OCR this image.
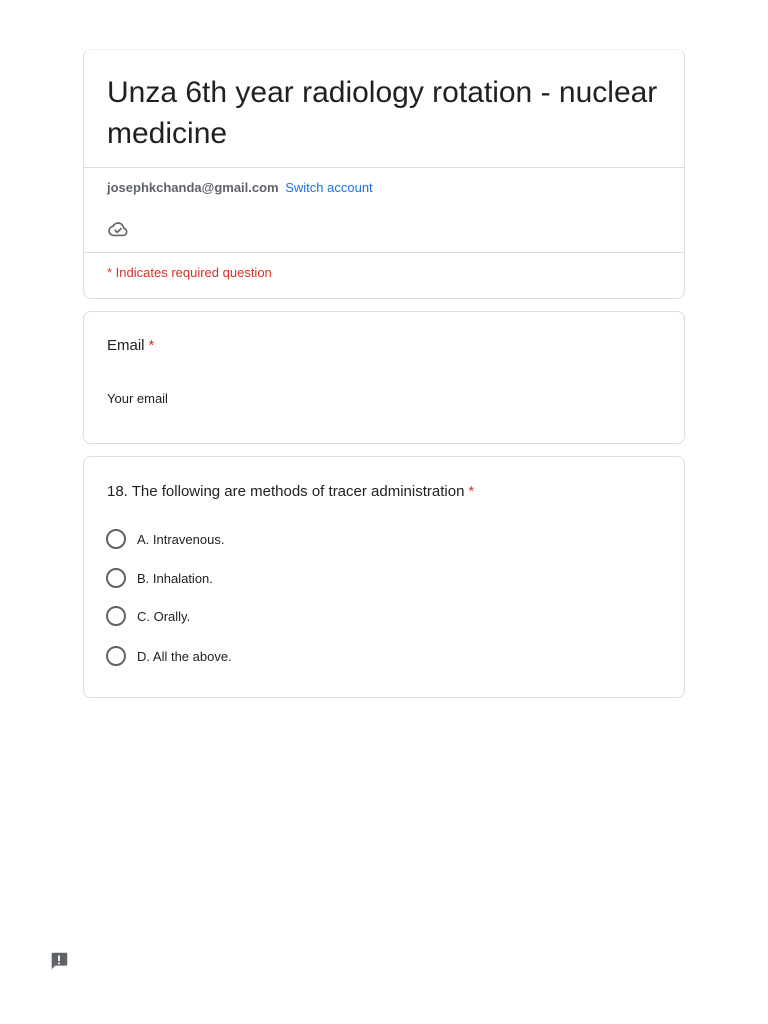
Unza 6th year radiology rotation - nuclear medicine
josephkchanda@gmail.com Switch account
* Indicates required question
Email *
Your email
18. The following are methods of tracer administration *
A. Intravenous.
B. Inhalation.
C. Orally.
D. All the above.
